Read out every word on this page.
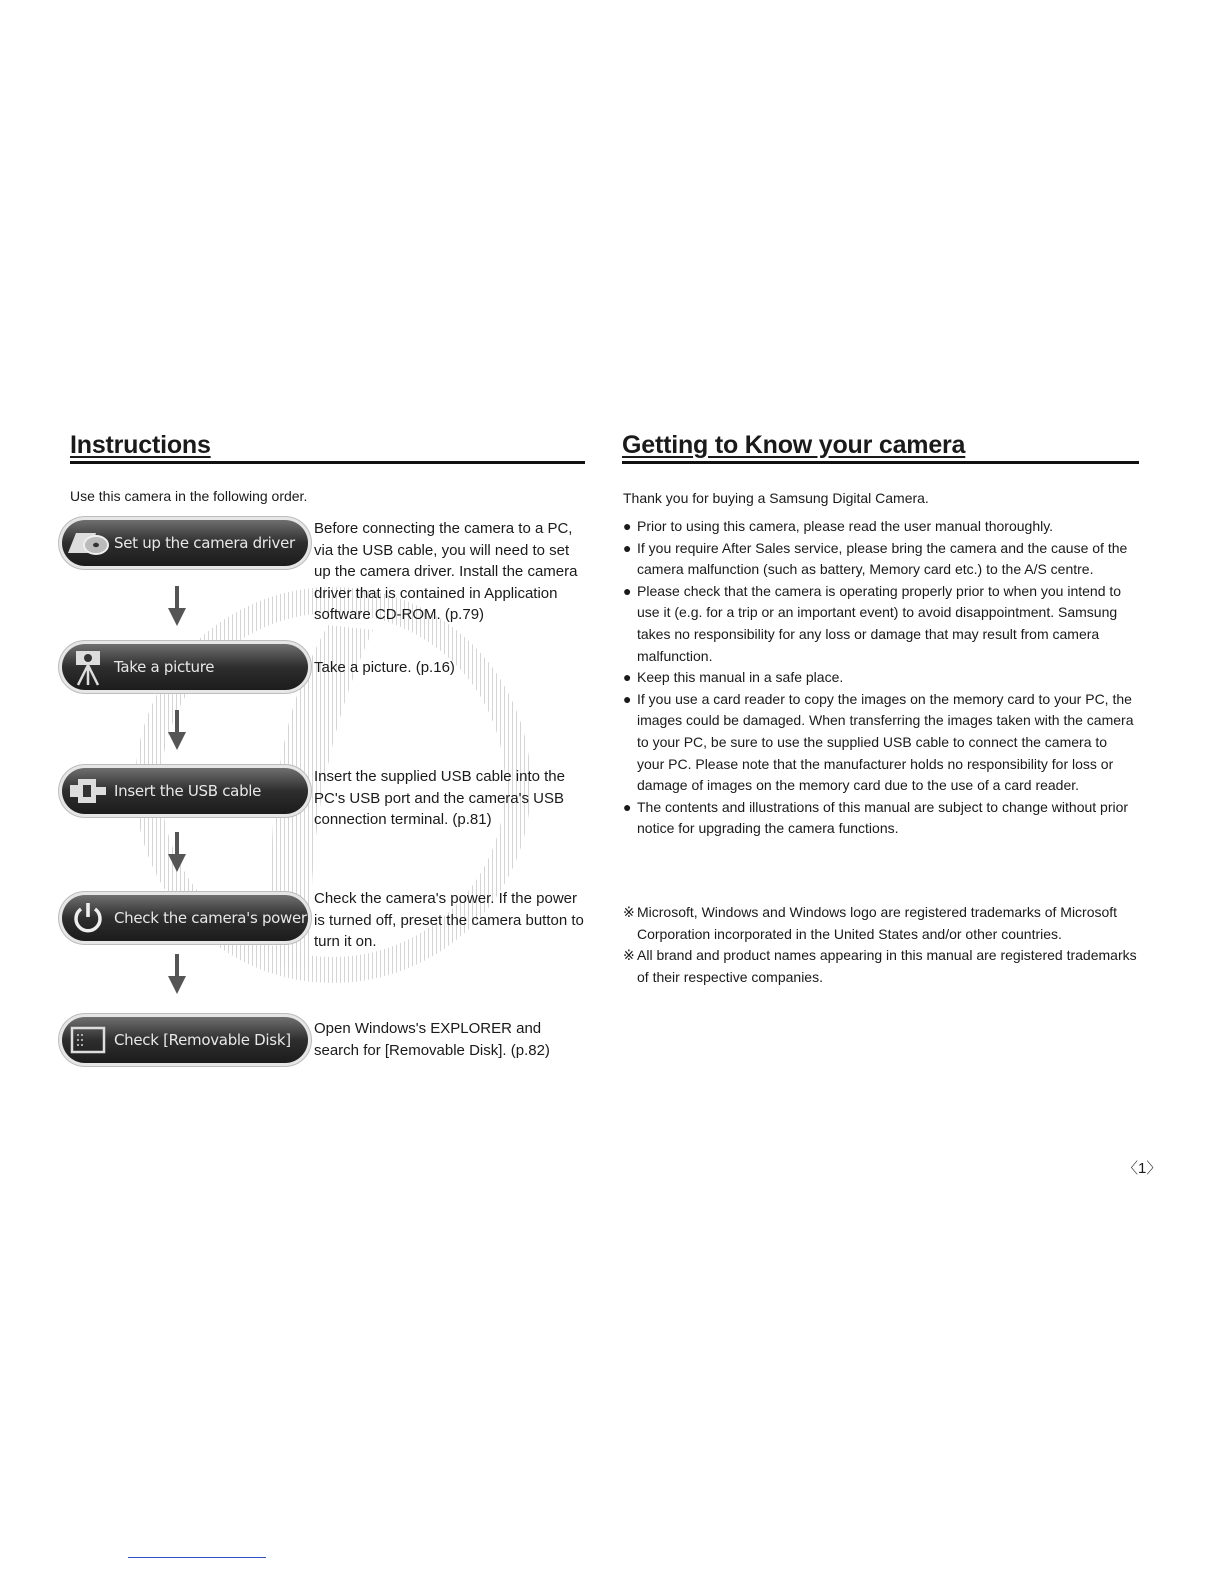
Instructions	Getting to Know your camera

Use this camera in the following order.	Thank you for buying a Samsung Digital Camera.

Set up the camera driver

Before connecting the camera to a PC, via the USB cable, you will need to set up the camera driver. Install the camera driver that is contained in Application software CD-ROM. (p.79)

Take a picture	Take a picture. (p.16)

Insert the USB cable

Insert the supplied USB cable into the PC's USB port and the camera's USB connection terminal. (p.81)

Check the camera's power

Check the camera's power. If the power is turned off, preset the camera button to turn it on.

Check [Removable Disk]

Open Windows's EXPLORER and search for [Removable Disk]. (p.82)

● Prior to using this camera, please read the user manual thoroughly.
● If you require After Sales service, please bring the camera and the cause of the camera malfunction (such as battery, Memory card etc.) to the A/S centre.
● Please check that the camera is operating properly prior to when you intend to use it (e.g. for a trip or an important event) to avoid disappointment. Samsung takes no responsibility for any loss or damage that may result from camera malfunction.
● Keep this manual in a safe place.
● If you use a card reader to copy the images on the memory card to your PC, the images could be damaged. When transferring the images taken with the camera to your PC, be sure to use the supplied USB cable to connect the camera to your PC. Please note that the manufacturer holds no responsibility for loss or damage of images on the memory card due to the use of a card reader.
● The contents and illustrations of this manual are subject to change without prior notice for upgrading the camera functions.
※ Microsoft, Windows and Windows logo are registered trademarks of Microsoft Corporation incorporated in the United States and/or other countries.
※ All brand and product names appearing in this manual are registered trademarks of their respective companies.
〈1〉
